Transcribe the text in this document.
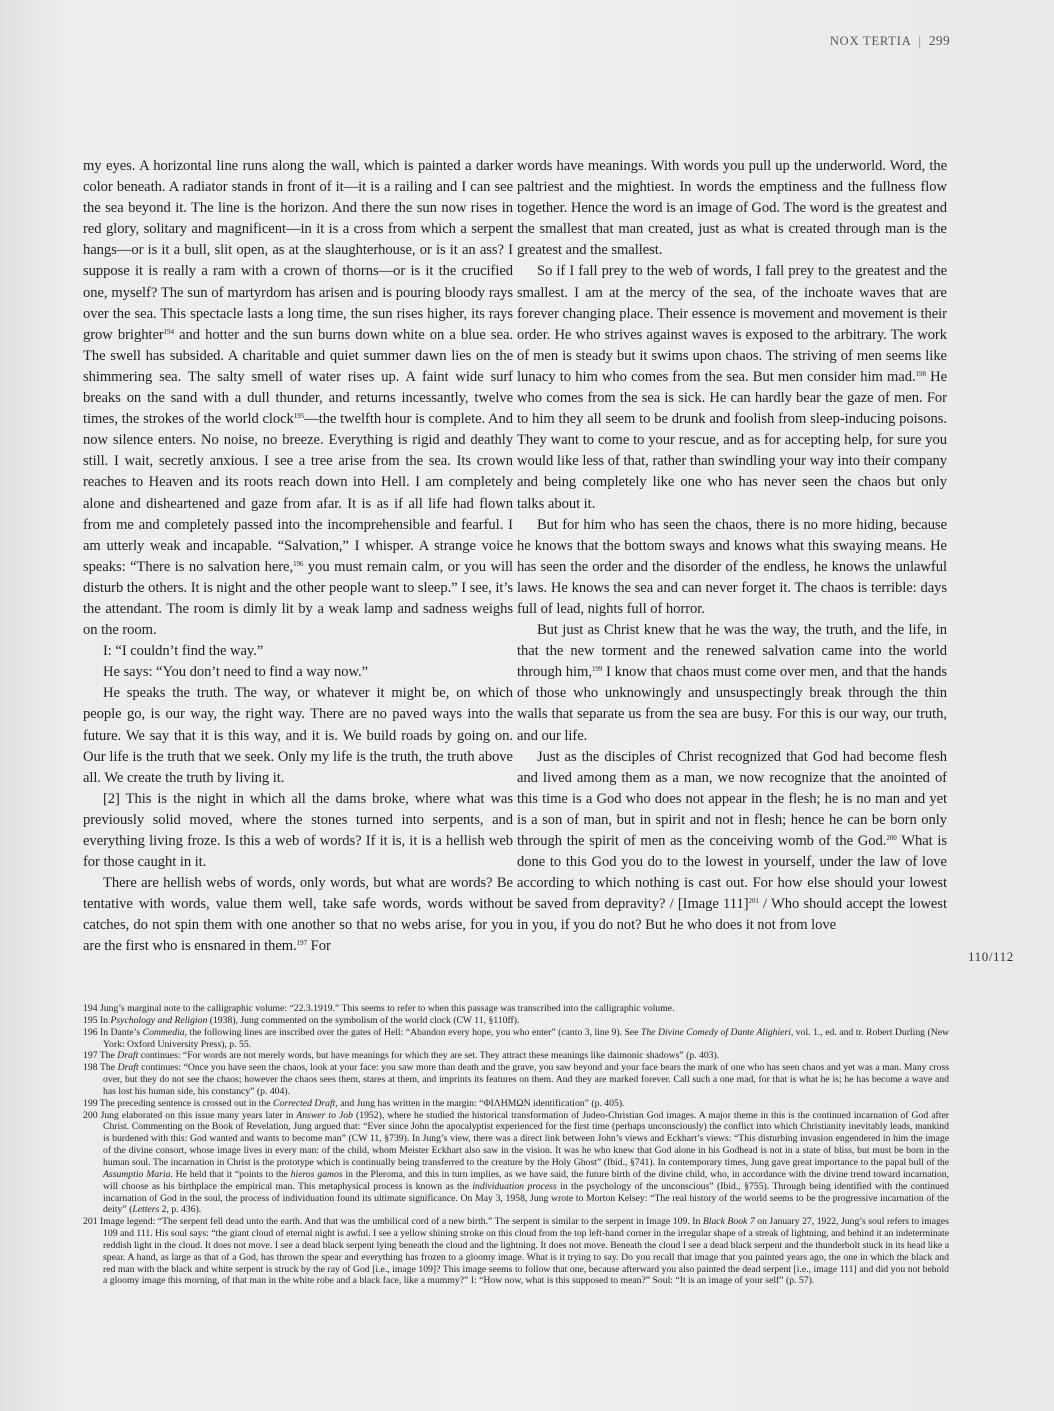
NOX TERTIA | 299

my eyes. A horizontal line runs along the wall, which is painted a darker color beneath. A radiator stands in front of it—it is a railing and I can see the sea beyond it. The line is the horizon. And there the sun now rises in red glory, solitary and magnificent—in it is a cross from which a serpent hangs—or is it a bull, slit open, as at the slaughterhouse, or is it an ass? I suppose it is really a ram with a crown of thorns—or is it the crucified one, myself? The sun of martyrdom has arisen and is pouring bloody rays over the sea. This spectacle lasts a long time, the sun rises higher, its rays grow brighter$^{194}$ and hotter and the sun burns down white on a blue sea. The swell has subsided. A charitable and quiet summer dawn lies on the shimmering sea. The salty smell of water rises up. A faint wide surf breaks on the sand with a dull thunder, and returns incessantly, twelve times, the strokes of the world clock$^{195}$—the twelfth hour is complete. And now silence enters. No noise, no breeze. Everything is rigid and deathly still. I wait, secretly anxious. I see a tree arise from the sea. Its crown reaches to Heaven and its roots reach down into Hell. I am completely alone and disheartened and gaze from afar. It is as if all life had flown from me and completely passed into the incomprehensible and fearful. I am utterly weak and incapable. “Salvation,” I whisper. A strange voice speaks: “There is no salvation here,$^{196}$ you must remain calm, or you will disturb the others. It is night and the other people want to sleep.” I see, it’s the attendant. The room is dimly lit by a weak lamp and sadness weighs on the room.

I: “I couldn’t find the way.”

He says: “You don’t need to find a way now.”

He speaks the truth. The way, or whatever it might be, on which people go, is our way, the right way. There are no paved ways into the future. We say that it is this way, and it is. We build roads by going on. Our life is the truth that we seek. Only my life is the truth, the truth above all. We create the truth by living it.

[2] This is the night in which all the dams broke, where what was previously solid moved, where the stones turned into serpents, and everything living froze. Is this a web of words? If it is, it is a hellish web for those caught in it.

There are hellish webs of words, only words, but what are words? Be tentative with words, value them well, take safe words, words without catches, do not spin them with one another so that no webs arise, for you are the first who is ensnared in them.$^{197}$ For

words have meanings. With words you pull up the underworld. Word, the paltriest and the mightiest. In words the emptiness and the fullness flow together. Hence the word is an image of God. The word is the greatest and the smallest that man created, just as what is created through man is the greatest and the smallest.

So if I fall prey to the web of words, I fall prey to the greatest and the smallest. I am at the mercy of the sea, of the inchoate waves that are forever changing place. Their essence is movement and movement is their order. He who strives against waves is exposed to the arbitrary. The work of men is steady but it swims upon chaos. The striving of men seems like lunacy to him who comes from the sea. But men consider him mad.$^{198}$ He who comes from the sea is sick. He can hardly bear the gaze of men. For to him they all seem to be drunk and foolish from sleep-inducing poisons. They want to come to your rescue, and as for accepting help, for sure you would like less of that, rather than swindling your way into their company and being completely like one who has never seen the chaos but only talks about it.

But for him who has seen the chaos, there is no more hiding, because he knows that the bottom sways and knows what this swaying means. He has seen the order and the disorder of the endless, he knows the unlawful laws. He knows the sea and can never forget it. The chaos is terrible: days full of lead, nights full of horror.

But just as Christ knew that he was the way, the truth, and the life, in that the new torment and the renewed salvation came into the world through him,$^{199}$ I know that chaos must come over men, and that the hands of those who unknowingly and unsuspectingly break through the thin walls that separate us from the sea are busy. For this is our way, our truth, and our life.

Just as the disciples of Christ recognized that God had become flesh and lived among them as a man, we now recognize that the anointed of this time is a God who does not appear in the flesh; he is no man and yet is a son of man, but in spirit and not in flesh; hence he can be born only through the spirit of men as the conceiving womb of the God.$^{200}$ What is done to this God you do to the lowest in yourself, under the law of love according to which nothing is cast out. For how else should your lowest be saved from depravity? / [Image 111]$^{201}$ / Who should accept the lowest in you, if you do not? But he who does it not from love

110/112

194 Jung’s marginal note to the calligraphic volume: “22.3.1919.” This seems to refer to when this passage was transcribed into the calligraphic volume.

195 In Psychology and Religion (1938), Jung commented on the symbolism of the world clock (CW 11, §110ff).

196 In Dante’s Commedia, the following lines are inscribed over the gates of Hell: “Abandon every hope, you who enter” (canto 3, line 9). See The Divine Comedy of Dante Alighieri, vol. 1., ed. and tr. Robert Durling (New York: Oxford University Press), p. 55.

197 The Draft continues: “For words are not merely words, but have meanings for which they are set. They attract these meanings like daimonic shadows” (p. 403).

198 The Draft continues: “Once you have seen the chaos, look at your face: you saw more than death and the grave, you saw beyond and your face bears the mark of one who has seen chaos and yet was a man. Many cross over, but they do not see the chaos; however the chaos sees them, stares at them, and imprints its features on them. And they are marked forever. Call such a one mad, for that is what he is; he has become a wave and has lost his human side, his constancy” (p. 404).

199 The preceding sentence is crossed out in the Corrected Draft, and Jung has written in the margin: “ΦΙΛΗΜΩΝ identification” (p. 405).

200 Jung elaborated on this issue many years later in Answer to Job (1952), where he studied the historical transformation of Judeo-Christian God images. A major theme in this is the continued incarnation of God after Christ. Commenting on the Book of Revelation, Jung argued that: “Ever since John the apocalyptist experienced for the first time (perhaps unconsciously) the conflict into which Christianity inevitably leads, mankind is burdened with this: God wanted and wants to become man” (CW 11, §739). In Jung’s view, there was a direct link between John’s views and Eckhart’s views: “This disturbing invasion engendered in him the image of the divine consort, whose image lives in every man: of the child, whom Meister Eckhart also saw in the vision. It was he who knew that God alone in his Godhead is not in a state of bliss, but must be born in the human soul. The incarnation in Christ is the prototype which is continually being transferred to the creature by the Holy Ghost” (Ibid., §741). In contemporary times, Jung gave great importance to the papal bull of the Assumptio Maria. He held that it “points to the hieros gamos in the Pleroma, and this in turn implies, as we have said, the future birth of the divine child, who, in accordance with the divine trend toward incarnation, will choose as his birthplace the empirical man. This metaphysical process is known as the individuation process in the psychology of the unconscious” (Ibid., §755). Through being identified with the continued incarnation of God in the soul, the process of individuation found its ultimate significance. On May 3, 1958, Jung wrote to Morton Kelsey: “The real history of the world seems to be the progressive incarnation of the deity” (Letters 2, p. 436).

201 Image legend: “The serpent fell dead unto the earth. And that was the umbilical cord of a new birth.” The serpent is similar to the serpent in Image 109. In Black Book 7 on January 27, 1922, Jung’s soul refers to images 109 and 111. His soul says: “the giant cloud of eternal night is awful. I see a yellow shining stroke on this cloud from the top left-hand corner in the irregular shape of a streak of lightning, and behind it an indeterminate reddish light in the cloud. It does not move. I see a dead black serpent lying beneath the cloud and the lightning. It does not move. Beneath the cloud I see a dead black serpent and the thunderbolt stuck in its head like a spear. A hand, as large as that of a God, has thrown the spear and everything has frozen to a gloomy image. What is it trying to say. Do you recall that image that you painted years ago, the one in which the black and red man with the black and white serpent is struck by the ray of God [i.e., image 109]? This image seems to follow that one, because afterward you also painted the dead serpent [i.e., image 111] and did you not behold a gloomy image this morning, of that man in the white robe and a black face, like a mummy?” I: “How now, what is this supposed to mean?” Soul: “It is an image of your self” (p. 57).
